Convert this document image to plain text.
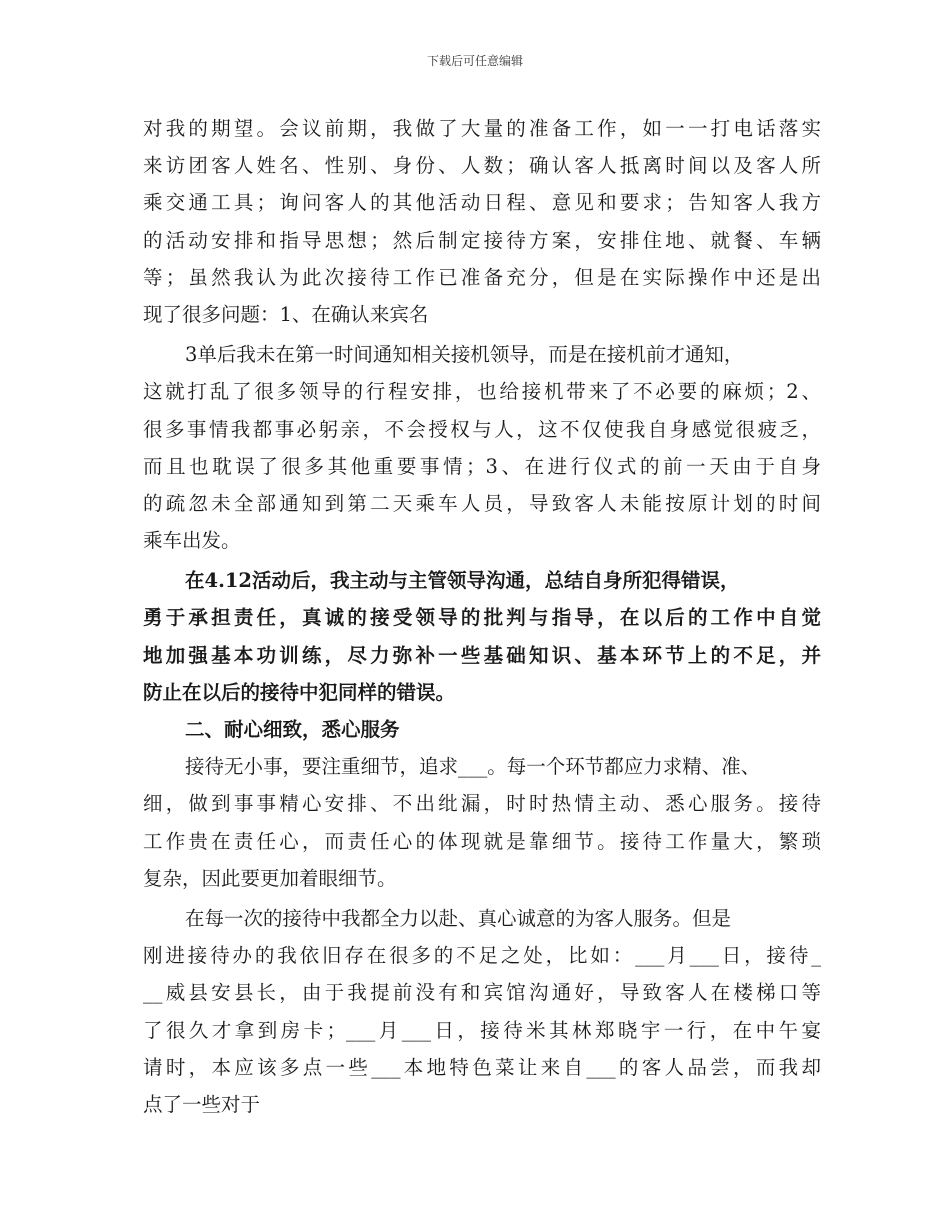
下载后可任意编辑
对我的期望。会议前期，我做了大量的准备工作，如一一打电话落实
来访团客人姓名、性别、身份、人数；确认客人抵离时间以及客人所
乘交通工具；询问客人的其他活动日程、意见和要求；告知客人我方
的活动安排和指导思想；然后制定接待方案，安排住地、就餐、车辆
等；虽然我认为此次接待工作已准备充分，但是在实际操作中还是出
现了很多问题：1、在确认来宾名
3单后我未在第一时间通知相关接机领导，而是在接机前才通知，
这就打乱了很多领导的行程安排，也给接机带来了不必要的麻烦；2、
很多事情我都事必躬亲，不会授权与人，这不仅使我自身感觉很疲乏，
而且也耽误了很多其他重要事情；3、在进行仪式的前一天由于自身
的疏忽未全部通知到第二天乘车人员，导致客人未能按原计划的时间
乘车出发。
在4.12活动后，我主动与主管领导沟通，总结自身所犯得错误，
勇于承担责任，真诚的接受领导的批判与指导，在以后的工作中自觉
地加强基本功训练，尽力弥补一些基础知识、基本环节上的不足，并
防止在以后的接待中犯同样的错误。
二、耐心细致，悉心服务
接待无小事，要注重细节，追求___。每一个环节都应力求精、准、
细，做到事事精心安排、不出纰漏，时时热情主动、悉心服务。接待
工作贵在责任心，而责任心的体现就是靠细节。接待工作量大，繁琐
复杂，因此要更加着眼细节。
在每一次的接待中我都全力以赴、真心诚意的为客人服务。但是
刚进接待办的我依旧存在很多的不足之处，比如：___月___日，接待_
__威县安县长，由于我提前没有和宾馆沟通好，导致客人在楼梯口等
了很久才拿到房卡；___月___日，接待米其林郑晓宇一行，在中午宴
请时，本应该多点一些___本地特色菜让来自___的客人品尝，而我却
点了一些对于
